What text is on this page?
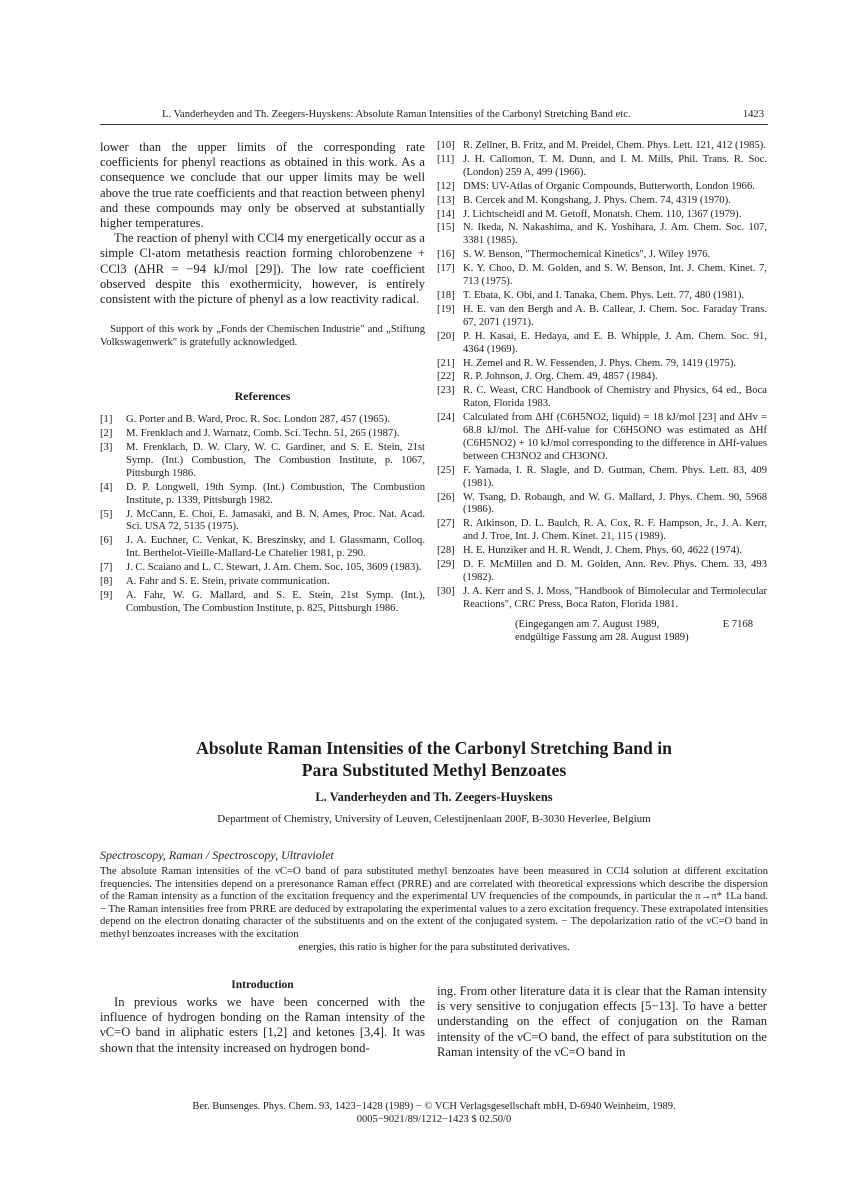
L. Vanderheyden and Th. Zeegers-Huyskens: Absolute Raman Intensities of the Carbonyl Stretching Band etc.	1423

lower than the upper limits of the corresponding rate coefficients for phenyl reactions as obtained in this work. As a consequence we conclude that our upper limits may be well above the true rate coefficients and that reaction between phenyl and these compounds may only be observed at substantially higher temperatures.

The reaction of phenyl with CCl4 my energetically occur as a simple Cl-atom metathesis reaction forming chlorobenzene + CCl3 (ΔHR = −94 kJ/mol [29]). The low rate coefficient observed despite this exothermicity, however, is entirely consistent with the picture of phenyl as a low reactivity radical.

Support of this work by „Fonds der Chemischen Industrie" and „Stiftung Volkswagenwerk" is gratefully acknowledged.

References
[1] G. Porter and B. Ward, Proc. R. Soc. London 287, 457 (1965).
[2] M. Frenklach and J. Warnatz, Comb. Sci. Techn. 51, 265 (1987).
[3] M. Frenklach, D. W. Clary, W. C. Gardiner, and S. E. Stein, 21st Symp. (Int.) Combustion, The Combustion Institute, p. 1067, Pittsburgh 1986.
[4] D. P. Longwell, 19th Symp. (Int.) Combustion, The Combustion Institute, p. 1339, Pittsburgh 1982.
[5] J. McCann, E. Choi, E. Jamasaki, and B. N. Ames, Proc. Nat. Acad. Sci. USA 72, 5135 (1975).
[6] J. A. Euchner, C. Venkat, K. Breszinsky, and I. Glassmann, Colloq. Int. Berthelot-Vieille-Mallard-Le Chatelier 1981, p. 290.
[7] J. C. Scaiano and L. C. Stewart, J. Am. Chem. Soc. 105, 3609 (1983).
[8] A. Fahr and S. E. Stein, private communication.
[9] A. Fahr, W. G. Mallard, and S. E. Stein, 21st Symp. (Int.), Combustion, The Combustion Institute, p. 825, Pittsburgh 1986.
[10] R. Zellner, B. Fritz, and M. Preidel, Chem. Phys. Lett. 121, 412 (1985).
[11] J. H. Callomon, T. M. Dunn, and I. M. Mills, Phil. Trans. R. Soc. (London) 259 A, 499 (1966).
[12] DMS: UV-Atlas of Organic Compounds, Butterworth, London 1966.
[13] B. Cercek and M. Kongshang, J. Phys. Chem. 74, 4319 (1970).
[14] J. Lichtscheidl and M. Getoff, Monatsh. Chem. 110, 1367 (1979).
[15] N. Ikeda, N. Nakashima, and K. Yoshihara, J. Am. Chem. Soc. 107, 3381 (1985).
[16] S. W. Benson, "Thermochemical Kinetics", J. Wiley 1976.
[17] K. Y. Choo, D. M. Golden, and S. W. Benson, Int. J. Chem. Kinet. 7, 713 (1975).
[18] T. Ebata, K. Obi, and I. Tanaka, Chem. Phys. Lett. 77, 480 (1981).
[19] H. E. van den Bergh and A. B. Callear, J. Chem. Soc. Faraday Trans. 67, 2071 (1971).
[20] P. H. Kasai, E. Hedaya, and E. B. Whipple, J. Am. Chem. Soc. 91, 4364 (1969).
[21] H. Zemel and R. W. Fessenden, J. Phys. Chem. 79, 1419 (1975).
[22] R. P. Johnson, J. Org. Chem. 49, 4857 (1984).
[23] R. C. Weast, CRC Handbook of Chemistry and Physics, 64 ed., Boca Raton, Florida 1983.
[24] Calculated from ΔHf (C6H5NO2, liquid) = 18 kJ/mol [23] and ΔHv = 68.8 kJ/mol. The ΔHf-value for C6H5ONO was estimated as ΔHf (C6H5NO2) + 10 kJ/mol corresponding to the difference in ΔHf-values between CH3NO2 and CH3ONO.
[25] F. Yamada, I. R. Slagle, and D. Gutman, Chem. Phys. Lett. 83, 409 (1981).
[26] W. Tsang, D. Robaugh, and W. G. Mallard, J. Phys. Chem. 90, 5968 (1986).
[27] R. Atkinson, D. L. Baulch, R. A. Cox, R. F. Hampson, Jr., J. A. Kerr, and J. Troe, Int. J. Chem. Kinet. 21, 115 (1989).
[28] H. E. Hunziker and H. R. Wendt, J. Chem. Phys. 60, 4622 (1974).
[29] D. F. McMillen and D. M. Golden, Ann. Rev. Phys. Chem. 33, 493 (1982).
[30] J. A. Kerr and S. J. Moss, "Handbook of Bimolecular and Termolecular Reactions", CRC Press, Boca Raton, Florida 1981.
(Eingegangen am 7. August 1989,
endgültige Fassung am 28. August 1989)
E 7168
Absolute Raman Intensities of the Carbonyl Stretching Band in
Para Substituted Methyl Benzoates
L. Vanderheyden and Th. Zeegers-Huyskens
Department of Chemistry, University of Leuven, Celestijnenlaan 200F, B-3030 Heverlee, Belgium
Spectroscopy, Raman / Spectroscopy, Ultraviolet
The absolute Raman intensities of the νC=O band of para substituted methyl benzoates have been measured in CCl4 solution at different excitation frequencies. The intensities depend on a preresonance Raman effect (PRRE) and are correlated with theoretical expressions which describe the dispersion of the Raman intensity as a function of the excitation frequency and the experimental UV frequencies of the compounds, in particular the π→π* 1La band. − The Raman intensities free from PRRE are deduced by extrapolating the experimental values to a zero excitation frequency. These extrapolated intensities depend on the electron donating character of the substituents and on the extent of the conjugated system. − The depolarization ratio of the νC=O band in methyl benzoates increases with the excitation
energies, this ratio is higher for the para substituted derivatives.
Introduction

In previous works we have been concerned with the influence of hydrogen bonding on the Raman intensity of the νC=O band in aliphatic esters [1,2] and ketones [3,4]. It was shown that the intensity increased on hydrogen bond-

ing. From other literature data it is clear that the Raman intensity is very sensitive to conjugation effects [5−13]. To have a better understanding on the effect of conjugation on the Raman intensity of the νC=O band, the effect of para substitution on the Raman intensity of the νC=O band in

Ber. Bunsenges. Phys. Chem. 93, 1423−1428 (1989) − © VCH Verlagsgesellschaft mbH, D-6940 Weinheim, 1989.
0005−9021/89/1212−1423 $ 02.50/0
